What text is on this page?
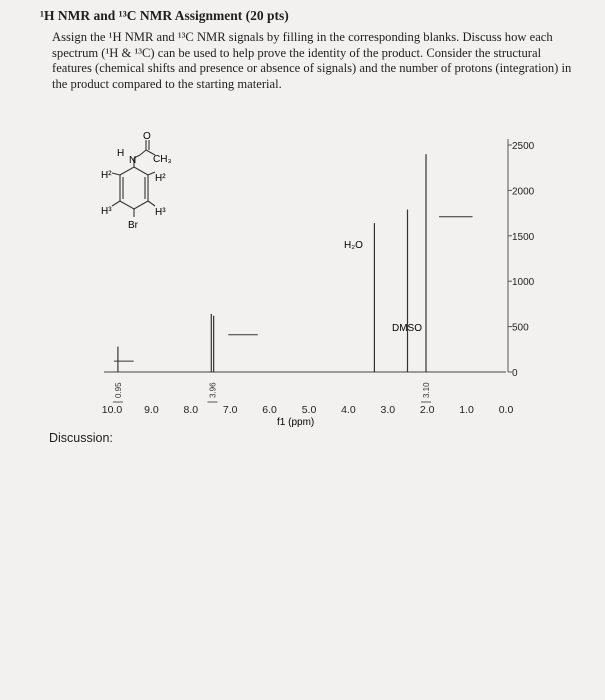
¹H NMR and ¹³C NMR Assignment (20 pts)
Assign the ¹H NMR and ¹³C NMR signals by filling in the corresponding blanks. Discuss how each spectrum (¹H & ¹³C) can be used to help prove the identity of the product. Consider the structural features (chemical shifts and presence or absence of signals) and the number of protons (integration) in the product compared to the starting material.
O
H
N CH₃
H²	H²
H³	H³
Br
2500
2000
1500
1000
500
0
0.95	3.96	3.10
10.0 9.0 8.0 7.0 6.0 5.0 4.0 3.0 2.0 1.0 0.0
H₂O
DMSO
f1 (ppm)
Discussion:
